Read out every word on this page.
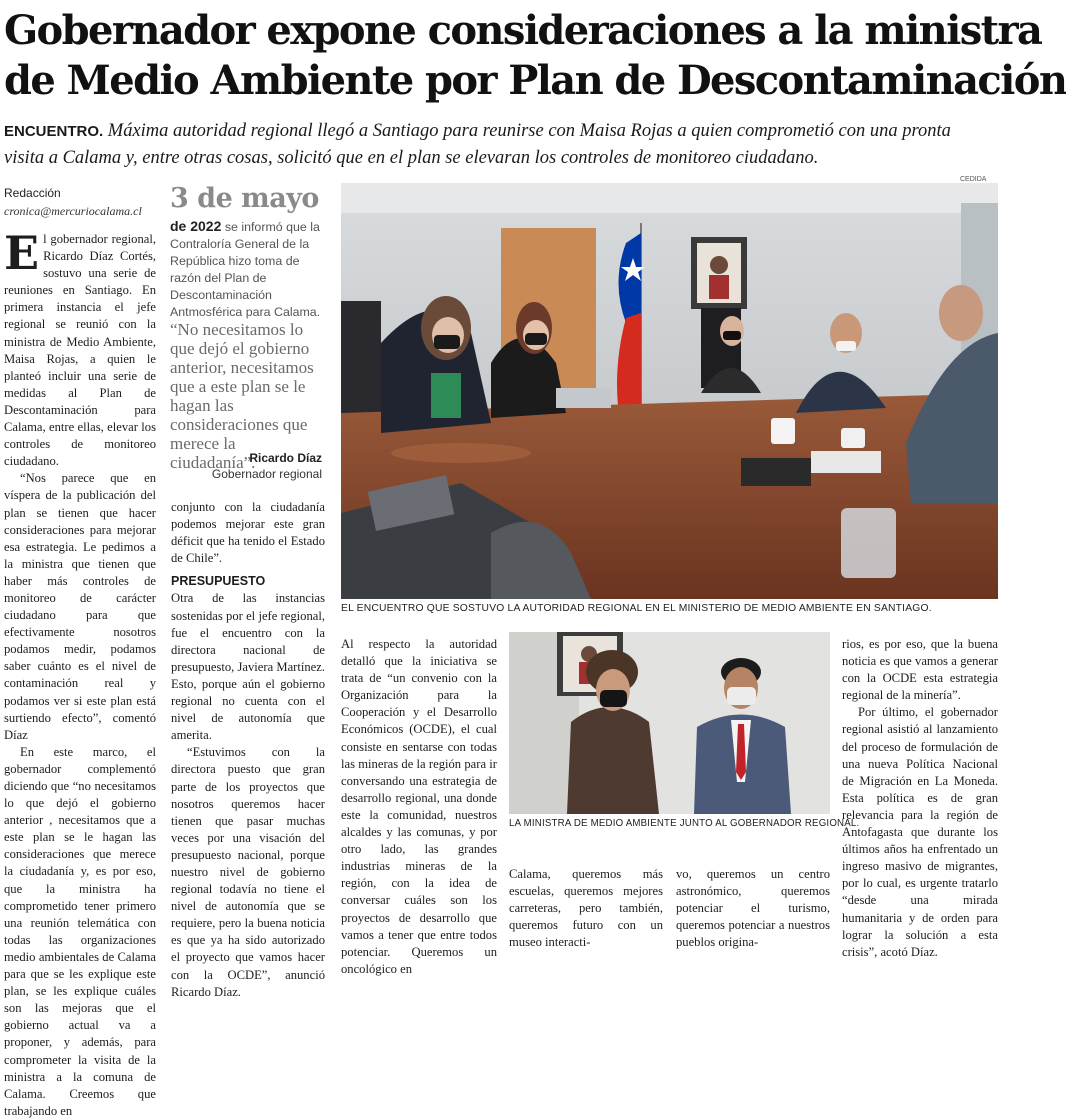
Gobernador expone consideraciones a la ministra
de Medio Ambiente por Plan de Descontaminación
ENCUENTRO. Máxima autoridad regional llegó a Santiago para reunirse con Maisa Rojas a quien comprometió con una pronta visita a Calama y, entre otras cosas, solicitó que en el plan se elevaran los controles de monitoreo ciudadano.
Redacción
cronica@mercuriocalama.cl

El gobernador regional, Ricardo Díaz Cortés, sostuvo una serie de reuniones en Santiago. En primera instancia el jefe regional se reunió con la ministra de Medio Ambiente, Maisa Rojas, a quien le planteó incluir una serie de medidas al Plan de Descontaminación para Calama, entre ellas, elevar los controles de monitoreo ciudadano.

“Nos parece que en víspera de la publicación del plan se tienen que hacer consideraciones para mejorar esa estrategia. Le pedimos a la ministra que tienen que haber más controles de monitoreo de carácter ciudadano para que efectivamente nosotros podamos medir, podamos saber cuánto es el nivel de contaminación real y podamos ver si este plan está surtiendo efecto”, comentó Díaz

En este marco, el gobernador complementó diciendo que “no necesitamos lo que dejó el gobierno anterior , necesitamos que a este plan se le hagan las consideraciones que merece la ciudadanía y, es por eso, que la ministra ha comprometido tener primero una reunión telemática con todas las organizaciones medio ambientales de Calama para que se les explique este plan, se les explique cuáles son las mejoras que el gobierno actual va a proponer, y además, para comprometer la visita de la ministra a la comuna de Calama. Creemos que trabajando en

3 de mayo
de 2022 se informó que la Contraloría General de la República hizo toma de razón del Plan de Descontaminación Antmosférica para Calama.
“No necesitamos lo que dejó el gobierno anterior, necesitamos que a este plan se le hagan las consideraciones que merece la ciudadanía”.
Ricardo Díaz
Gobernador regional

conjunto con la ciudadanía podemos mejorar este gran déficit que ha tenido el Estado de Chile”.

PRESUPUESTO

Otra de las instancias sostenidas por el jefe regional, fue el encuentro con la directora nacional de presupuesto, Javiera Martínez. Esto, porque aún el gobierno regional no cuenta con el nivel de autonomía que amerita.

“Estuvimos con la directora puesto que gran parte de los proyectos que nosotros queremos hacer tienen que pasar muchas veces por una visación del presupuesto nacional, porque nuestro nivel de gobierno regional todavía no tiene el nivel de autonomía que se requiere, pero la buena noticia es que ya ha sido autorizado el proyecto que vamos hacer con la OCDE”, anunció Ricardo Díaz.

CEDIDA
EL ENCUENTRO QUE SOSTUVO LA AUTORIDAD REGIONAL EN EL MINISTERIO DE MEDIO AMBIENTE EN SANTIAGO.

Al respecto la autoridad detalló que la iniciativa se trata de “un convenio con la Organización para la Cooperación y el Desarrollo Económicos (OCDE), el cual consiste en sentarse con todas las mineras de la región para ir conversando una estrategia de desarrollo regional, una donde este la comunidad, nuestros alcaldes y las comunas, y por otro lado, las grandes industrias mineras de la región, con la idea de conversar cuáles son los proyectos de desarrollo que vamos a tener que entre todos potenciar. Queremos un oncológico en

LA MINISTRA DE MEDIO AMBIENTE JUNTO AL GOBERNADOR REGIONAL.

Calama, queremos más escuelas, queremos mejores carreteras, pero también, queremos futuro con un museo interacti-

vo, queremos un centro astronómico, queremos potenciar el turismo, queremos potenciar a nuestros pueblos origina-

rios, es por eso, que la buena noticia es que vamos a generar con la OCDE esta estrategia regional de la minería”.

Por último, el gobernador regional asistió al lanzamiento del proceso de formulación de una nueva Política Nacional de Migración en La Moneda. Esta política es de gran relevancia para la región de Antofagasta que durante los últimos años ha enfrentado un ingreso masivo de migrantes, por lo cual, es urgente tratarlo “desde una mirada humanitaria y de orden para lograr la solución a esta crisis”, acotó Díaz.
